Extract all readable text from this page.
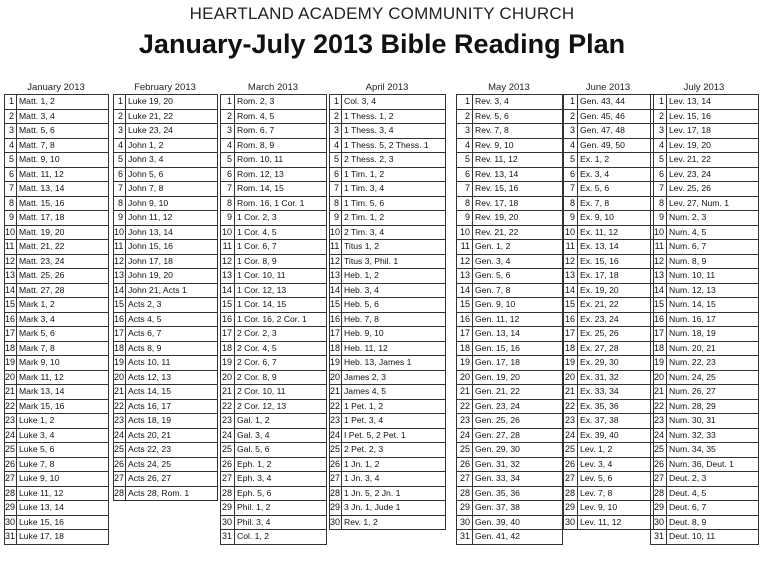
HEARTLAND ACADEMY COMMUNITY CHURCH
January-July 2013 Bible Reading Plan
January 2013
1	Matt. 1, 2
2	Matt. 3, 4
3	Matt. 5, 6
4	Matt. 7, 8
5	Matt. 9, 10
6	Matt. 11, 12
7	Matt. 13, 14
8	Matt. 15, 16
9	Matt. 17, 18
10	Matt. 19, 20
11	Matt. 21, 22
12	Matt. 23, 24
13	Matt. 25, 26
14	Matt. 27, 28
15	Mark 1, 2
16	Mark 3, 4
17	Mark 5, 6
18	Mark 7, 8
19	Mark 9, 10
20	Mark 11, 12
21	Mark 13, 14
22	Mark 15, 16
23	Luke 1, 2
24	Luke 3, 4
25	Luke 5, 6
26	Luke 7, 8
27	Luke 9, 10
28	Luke 11, 12
29	Luke 13, 14
30	Luke 15, 16
31	Luke 17, 18
February 2013
1	Luke 19, 20
2	Luke 21, 22
3	Luke 23, 24
4	John 1, 2
5	John 3, 4
6	John 5, 6
7	John 7, 8
8	John 9, 10
9	John 11, 12
10	John 13, 14
11	John 15, 16
12	John 17, 18
13	John 19, 20
14	John 21, Acts 1
15	Acts 2, 3
16	Acts 4, 5
17	Acts 6, 7
18	Acts 8, 9
19	Acts 10, 11
20	Acts 12, 13
21	Acts 14, 15
22	Acts 16, 17
23	Acts 18, 19
24	Acts 20, 21
25	Acts 22, 23
26	Acts 24, 25
27	Acts 26, 27
28	Acts 28, Rom. 1
March 2013
1	Rom. 2, 3
2	Rom. 4, 5
3	Rom. 6, 7
4	Rom. 8, 9
5	Rom. 10, 11
6	Rom. 12, 13
7	Rom. 14, 15
8	Rom. 16, 1 Cor. 1
9	1 Cor. 2, 3
10	1 Cor. 4, 5
11	1 Cor. 6, 7
12	1 Cor. 8, 9
13	1 Cor. 10, 11
14	1 Cor. 12, 13
15	1 Cor. 14, 15
16	1 Cor. 16, 2 Cor. 1
17	2 Cor. 2, 3
18	2 Cor. 4, 5
19	2 Cor. 6, 7
20	2 Cor. 8, 9
21	2 Cor. 10, 11
22	2 Cor. 12, 13
23	Gal. 1, 2
24	Gal. 3, 4
25	Gal. 5, 6
26	Eph. 1, 2
27	Eph. 3, 4
28	Eph. 5, 6
29	Phil. 1, 2
30	Phil. 3, 4
31	Col. 1, 2
April 2013
1	Col. 3, 4
2	1 Thess. 1, 2
3	1 Thess. 3, 4
4	1 Thess. 5, 2 Thess. 1
5	2 Thess. 2, 3
6	1 Tim. 1, 2
7	1 Tim. 3, 4
8	1 Tim. 5, 6
9	2 Tim. 1, 2
10	2 Tim. 3, 4
11	Titus 1, 2
12	Titus 3, Phil. 1
13	Heb. 1, 2
14	Heb. 3, 4
15	Heb. 5, 6
16	Heb. 7, 8
17	Heb. 9, 10
18	Heb. 11, 12
19	Heb. 13, James 1
20	James 2, 3
21	James 4, 5
22	1 Pet. 1, 2
23	1 Pet. 3, 4
24	I Pet. 5, 2 Pet. 1
25	2 Pet. 2, 3
26	1 Jn. 1, 2
27	1 Jn. 3, 4
28	1 Jn. 5, 2 Jn. 1
29	3 Jn. 1, Jude 1
30	Rev. 1, 2
May 2013
1	Rev. 3, 4
2	Rev. 5, 6
3	Rev. 7, 8
4	Rev. 9, 10
5	Rev. 11, 12
6	Rev. 13, 14
7	Rev. 15, 16
8	Rev. 17, 18
9	Rev. 19, 20
10	Rev. 21, 22
11	Gen. 1, 2
12	Gen. 3, 4
13	Gen. 5, 6
14	Gen. 7, 8
15	Gen. 9, 10
16	Gen. 11, 12
17	Gen. 13, 14
18	Gen. 15, 16
19	Gen. 17, 18
20	Gen. 19, 20
21	Gen. 21, 22
22	Gen. 23, 24
23	Gen. 25, 26
24	Gen. 27, 28
25	Gen. 29, 30
26	Gen. 31, 32
27	Gen. 33, 34
28	Gen. 35, 36
29	Gen. 37, 38
30	Gen. 39, 40
31	Gen. 41, 42
June 2013
1	Gen. 43, 44
2	Gen. 45, 46
3	Gen. 47, 48
4	Gen. 49, 50
5	Ex. 1, 2
6	Ex. 3, 4
7	Ex. 5, 6
8	Ex. 7, 8
9	Ex. 9, 10
10	Ex. 11, 12
11	Ex. 13, 14
12	Ex. 15, 16
13	Ex. 17, 18
14	Ex. 19, 20
15	Ex. 21, 22
16	Ex. 23, 24
17	Ex. 25, 26
18	Ex. 27, 28
19	Ex. 29, 30
20	Ex. 31, 32
21	Ex. 33, 34
22	Ex. 35, 36
23	Ex. 37, 38
24	Ex. 39, 40
25	Lev. 1, 2
26	Lev. 3, 4
27	Lev. 5, 6
28	Lev. 7, 8
29	Lev. 9, 10
30	Lev. 11, 12
July 2013
1	Lev. 13, 14
2	Lev. 15, 16
3	Lev. 17, 18
4	Lev. 19, 20
5	Lev. 21, 22
6	Lev. 23, 24
7	Lev. 25, 26
8	Lev. 27, Num. 1
9	Num. 2, 3
10	Num. 4, 5
11	Num. 6, 7
12	Num. 8, 9
13	Num. 10, 11
14	Num. 12, 13
15	Num. 14, 15
16	Num. 16, 17
17	Num. 18, 19
18	Num. 20, 21
19	Num. 22, 23
20	Num. 24, 25
21	Num. 26, 27
22	Num. 28, 29
23	Num. 30, 31
24	Num. 32, 33
25	Num. 34, 35
26	Num. 36, Deut. 1
27	Deut. 2, 3
28	Deut. 4, 5
29	Deut. 6, 7
30	Deut. 8, 9
31	Deut. 10, 11
